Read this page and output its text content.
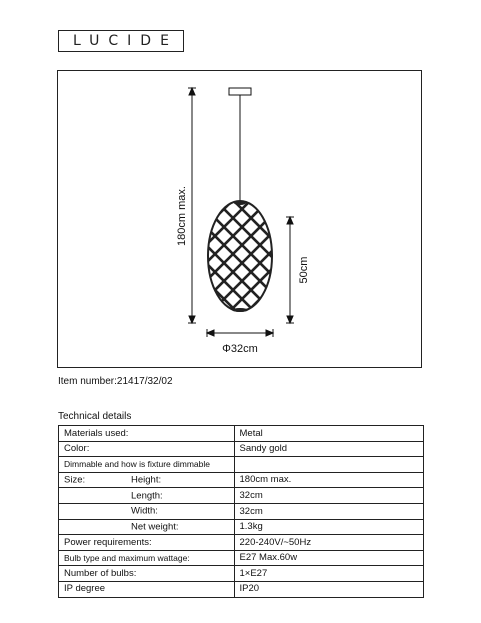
LUCIDE
180cm max.
50cm
Φ32cm
Item number:21417/32/02
Technical details
Materials used:	Metal
Color:	Sandy gold
Dimmable and how is fixture dimmable	

Size: Height:	180cm max.

Length:	32cm

Width:	32cm

Net weight:	1.3kg
Power requirements:	220-240V/~50Hz
Bulb type and maximum wattage:	E27 Max.60w
Number of bulbs:	1×E27
IP degree	IP20
